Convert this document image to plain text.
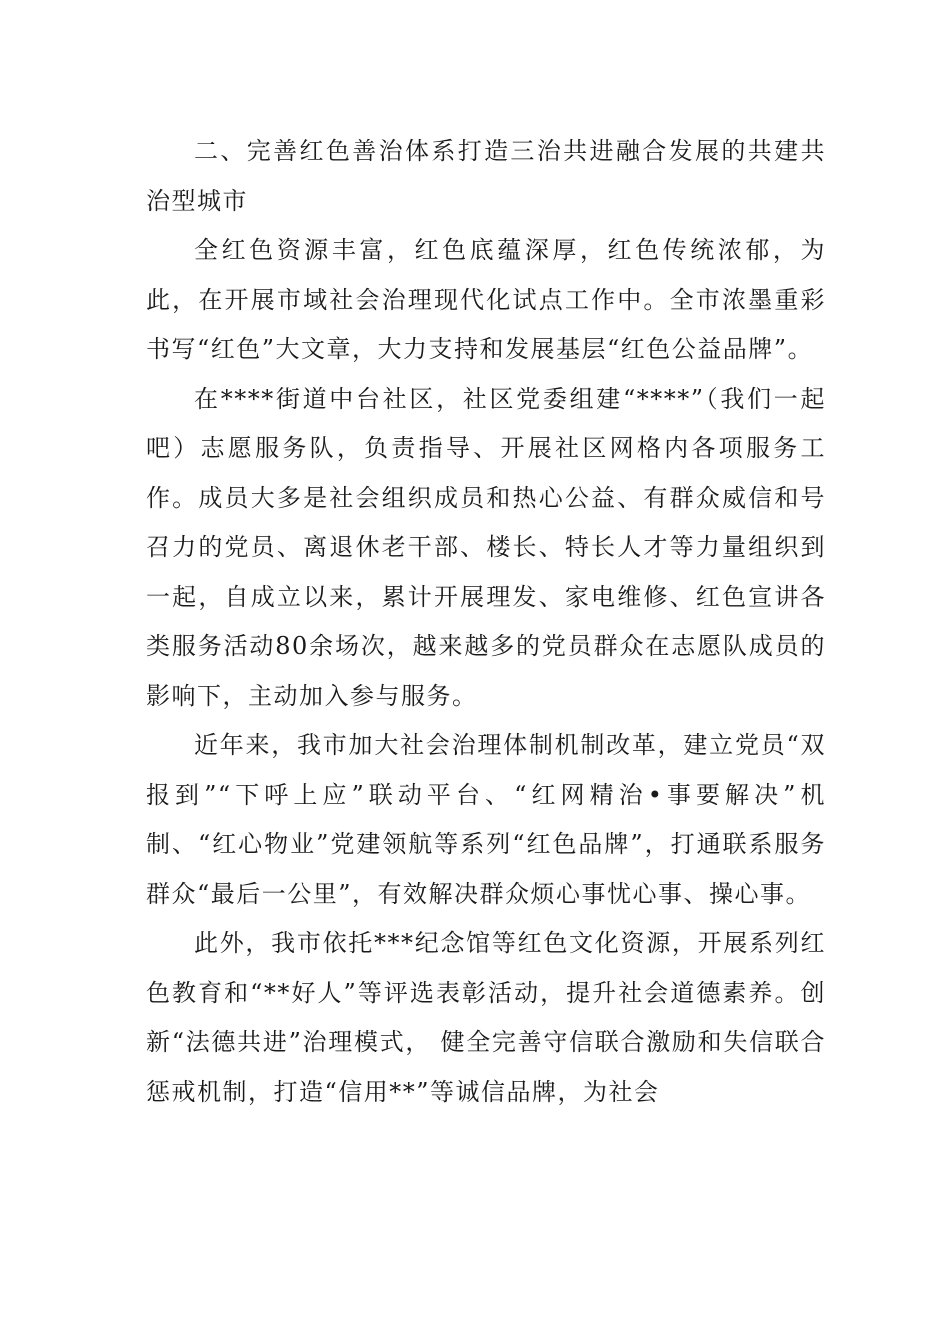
二、完善红色善治体系打造三治共进融合发展的共建共治型城市

全红色资源丰富，红色底蕴深厚，红色传统浓郁，为此，在开展市域社会治理现代化试点工作中。全市浓墨重彩书写“红色”大文章，大力支持和发展基层“红色公益品牌”。

在****街道中台社区，社区党委组建“****”（我们一起吧）志愿服务队，负责指导、开展社区网格内各项服务工作。成员大多是社会组织成员和热心公益、有群众威信和号召力的党员、离退休老干部、楼长、特长人才等力量组织到一起，自成立以来，累计开展理发、家电维修、红色宣讲各类服务活动80余场次，越来越多的党员群众在志愿队成员的影响下，主动加入参与服务。

近年来，我市加大社会治理体制机制改革，建立党员“双报到”“下呼上应”联动平台、“红网精治•事要解决”机制、“红心物业”党建领航等系列“红色品牌”，打通联系服务群众“最后一公里”，有效解决群众烦心事忧心事、操心事。

此外，我市依托***纪念馆等红色文化资源，开展系列红色教育和“**好人”等评选表彰活动，提升社会道德素养。创新“法德共进”治理模式， 健全完善守信联合激励和失信联合惩戒机制，打造“信用**”等诚信品牌，为社会
